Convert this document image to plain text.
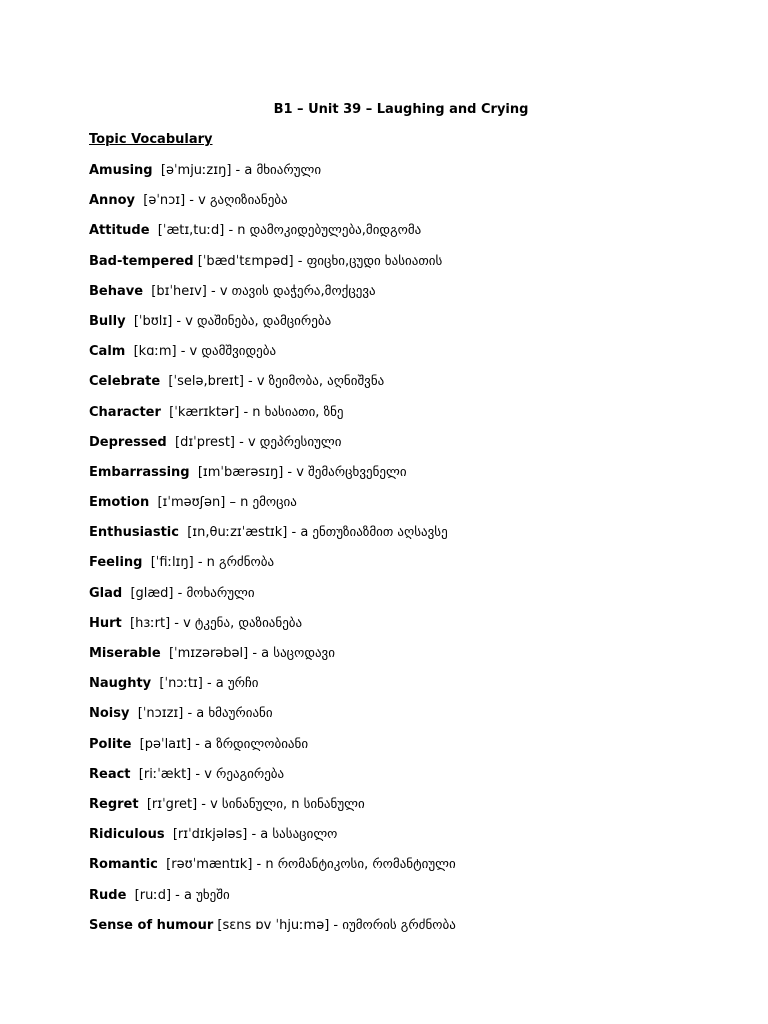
B1 – Unit 39 – Laughing and Crying
Topic Vocabulary
Amusing  [əˈmjuːzɪŋ] - a მხიარული
Annoy  [əˈnɔɪ] - v გაღიზიანება
Attitude  [ˈætɪ,tuːd] - n დამოკიდებულება,მიდგომა
Bad-tempered [ˈbædˈtɛmpəd] - ფიცხი,ცუდი ხასიათის
Behave  [bɪˈheɪv] - v თავის დაჭერა,მოქცევა
Bully  [ˈbʊlɪ] - v დაშინება, დამცირება
Calm  [kɑːm] - v დამშვიდება
Celebrate  [ˈselə,breɪt] - v ზეიმობა, აღნიშვნა
Character  [ˈkærɪktər] - n ხასიათი, ზნე
Depressed  [dɪˈprest] - v დეპრესიული
Embarrassing  [ɪmˈbærəsɪŋ] - v შემარცხვენელი
Emotion  [ɪˈməʊʃən] – n ემოცია
Enthusiastic  [ɪn,θuːzɪˈæstɪk] - a ენთუზიაზმით აღსავსე
Feeling  [ˈfiːlɪŋ] - n გრძნობა
Glad  [glæd] - მოხარული
Hurt  [hɜːrt] - v ტკენა, დაზიანება
Miserable  [ˈmɪzərəbəl] - a საცოდავი
Naughty  [ˈnɔːtɪ] - a ურჩი
Noisy  [ˈnɔɪzɪ] - a ხმაურიანი
Polite  [pəˈlaɪt] - a ზრდილობიანი
React  [riːˈækt] - v რეაგირება
Regret  [rɪˈgret] - v სინანული, n სინანული
Ridiculous  [rɪˈdɪkjələs] - a სასაცილო
Romantic  [rəʊˈmæntɪk] - n რომანტიკოსი, რომანტიული
Rude  [ruːd] - a უხეში
Sense of humour [sɛns ɒv ˈhjuːmə] - იუმორის გრძნობა
